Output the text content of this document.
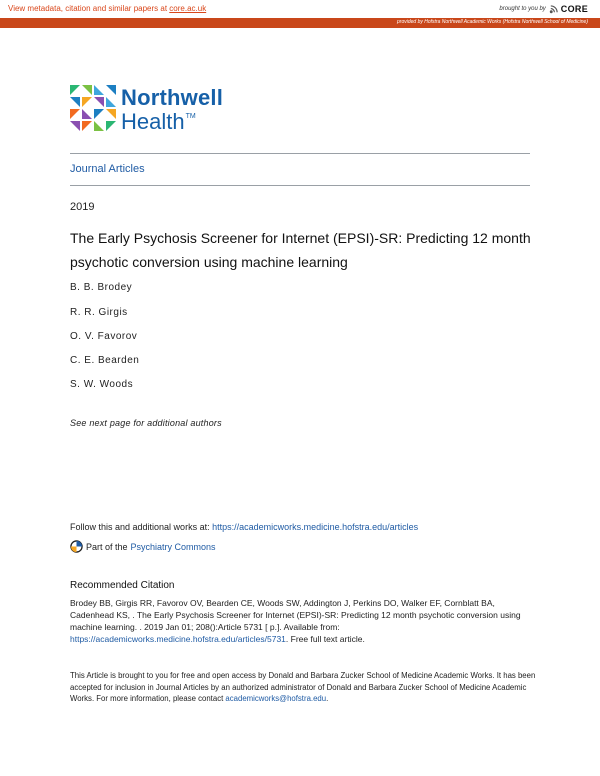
View metadata, citation and similar papers at core.ac.uk	brought to you by CORE
provided by Hofstra Northwell Academic Works (Hofstra Northwell School of Medicine)
Northwell
Health™
Journal Articles
2019
The Early Psychosis Screener for Internet (EPSI)-SR: Predicting 12 month psychotic conversion using machine learning
B. B. Brodey
R. R. Girgis
O. V. Favorov
C. E. Bearden
S. W. Woods
See next page for additional authors
Follow this and additional works at: https://academicworks.medicine.hofstra.edu/articles
Part of the Psychiatry Commons
Recommended Citation
Brodey BB, Girgis RR, Favorov OV, Bearden CE, Woods SW, Addington J, Perkins DO, Walker EF, Cornblatt BA, Cadenhead KS, . The Early Psychosis Screener for Internet (EPSI)-SR: Predicting 12 month psychotic conversion using machine learning. . 2019 Jan 01; 208():Article 5731 [ p.]. Available from: https://academicworks.medicine.hofstra.edu/articles/5731. Free full text article.
This Article is brought to you for free and open access by Donald and Barbara Zucker School of Medicine Academic Works. It has been accepted for inclusion in Journal Articles by an authorized administrator of Donald and Barbara Zucker School of Medicine Academic Works. For more information, please contact academicworks@hofstra.edu.
